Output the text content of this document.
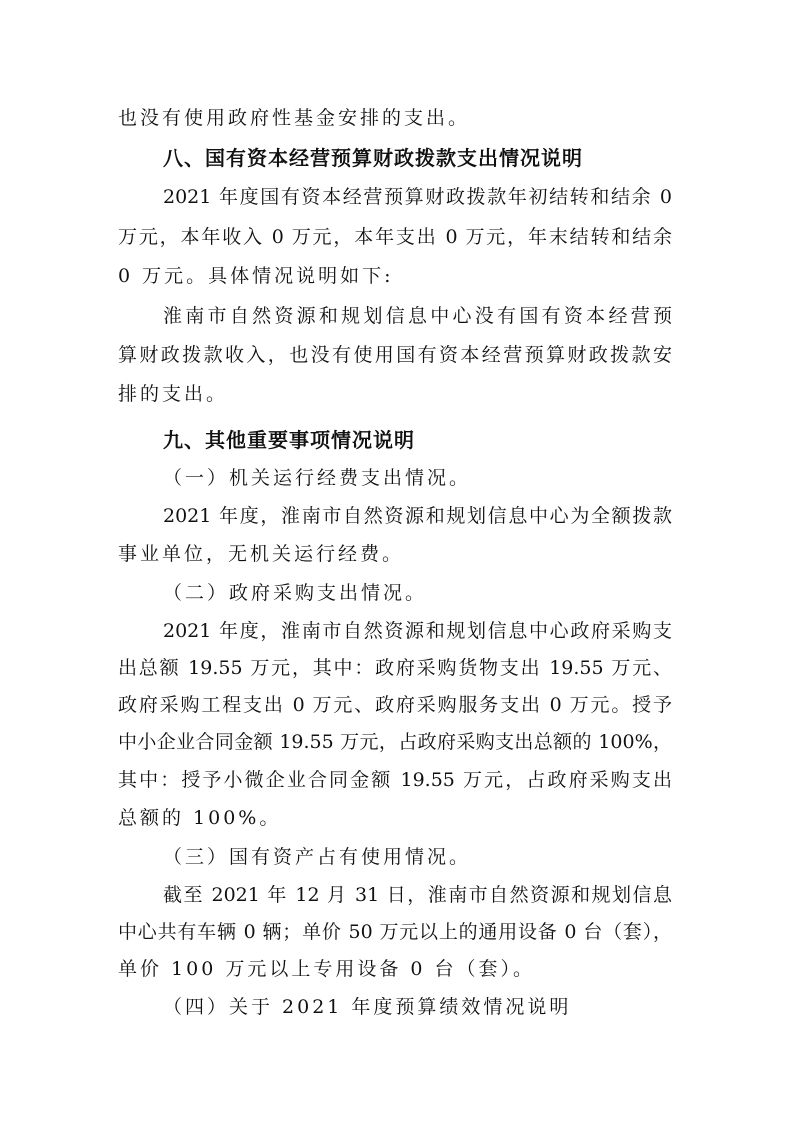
也没有使用政府性基金安排的支出。
八、国有资本经营预算财政拨款支出情况说明
2021 年度国有资本经营预算财政拨款年初结转和结余 0
万元，本年收入 0 万元，本年支出 0 万元，年末结转和结余
0 万元。具体情况说明如下:
淮南市自然资源和规划信息中心没有国有资本经营预
算财政拨款收入，也没有使用国有资本经营预算财政拨款安
排的支出。
九、其他重要事项情况说明
（一）机关运行经费支出情况。
2021 年度，淮南市自然资源和规划信息中心为全额拨款
事业单位，无机关运行经费。
（二）政府采购支出情况。
2021 年度，淮南市自然资源和规划信息中心政府采购支
出总额 19.55 万元，其中：政府采购货物支出 19.55 万元、
政府采购工程支出 0 万元、政府采购服务支出 0 万元。授予
中小企业合同金额 19.55 万元，占政府采购支出总额的 100%，
其中：授予小微企业合同金额 19.55 万元，占政府采购支出
总额的 100%。
（三）国有资产占有使用情况。
截至 2021 年 12 月 31 日，淮南市自然资源和规划信息
中心共有车辆 0 辆；单价 50 万元以上的通用设备 0 台（套），
单价 100 万元以上专用设备 0 台（套）。
（四）关于 2021 年度预算绩效情况说明
